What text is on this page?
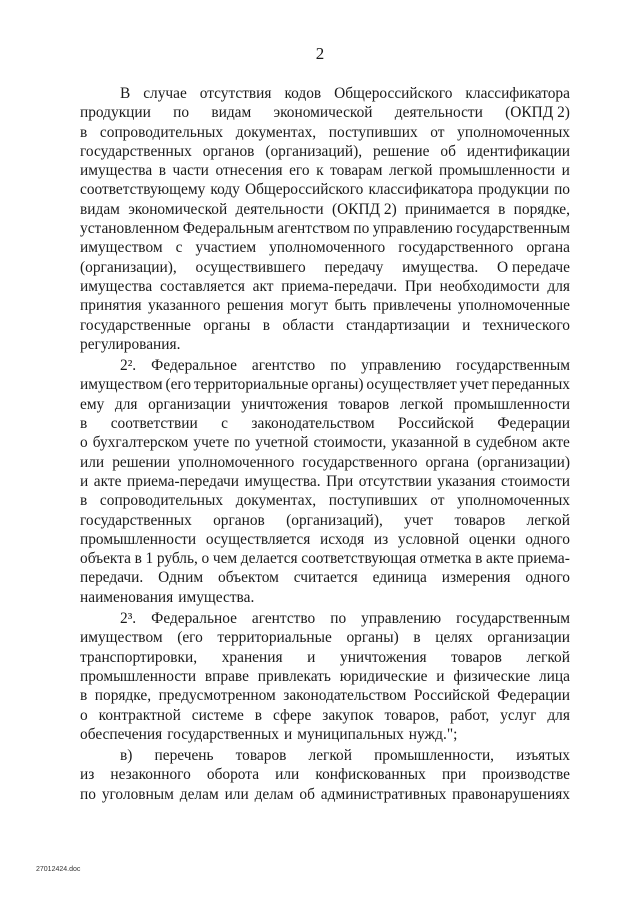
2
В случае отсутствия кодов Общероссийского классификатора
продукции по видам экономической деятельности (ОКПД 2)
в сопроводительных документах, поступивших от уполномоченных
государственных органов (организаций), решение об идентификации
имущества в части отнесения его к товарам легкой промышленности и
соответствующему коду Общероссийского классификатора продукции по
видам экономической деятельности (ОКПД 2) принимается в порядке,
установленном Федеральным агентством по управлению государственным
имуществом с участием уполномоченного государственного органа
(организации), осуществившего передачу имущества. О передаче
имущества составляется акт приема-передачи. При необходимости для
принятия указанного решения могут быть привлечены уполномоченные
государственные органы в области стандартизации и технического
регулирования.
2². Федеральное агентство по управлению государственным
имуществом (его территориальные органы) осуществляет учет переданных
ему для организации уничтожения товаров легкой промышленности
в соответствии с законодательством Российской Федерации
о бухгалтерском учете по учетной стоимости, указанной в судебном акте
или решении уполномоченного государственного органа (организации)
и акте приема-передачи имущества. При отсутствии указания стоимости
в сопроводительных документах, поступивших от уполномоченных
государственных органов (организаций), учет товаров легкой
промышленности осуществляется исходя из условной оценки одного
объекта в 1 рубль, о чем делается соответствующая отметка в акте приема-
передачи. Одним объектом считается единица измерения одного
наименования имущества.
2³. Федеральное агентство по управлению государственным
имуществом (его территориальные органы) в целях организации
транспортировки, хранения и уничтожения товаров легкой
промышленности вправе привлекать юридические и физические лица
в порядке, предусмотренном законодательством Российской Федерации
о контрактной системе в сфере закупок товаров, работ, услуг для
обеспечения государственных и муниципальных нужд.";
в) перечень товаров легкой промышленности, изъятых
из незаконного оборота или конфискованных при производстве
по уголовным делам или делам об административных правонарушениях
27012424.doc
